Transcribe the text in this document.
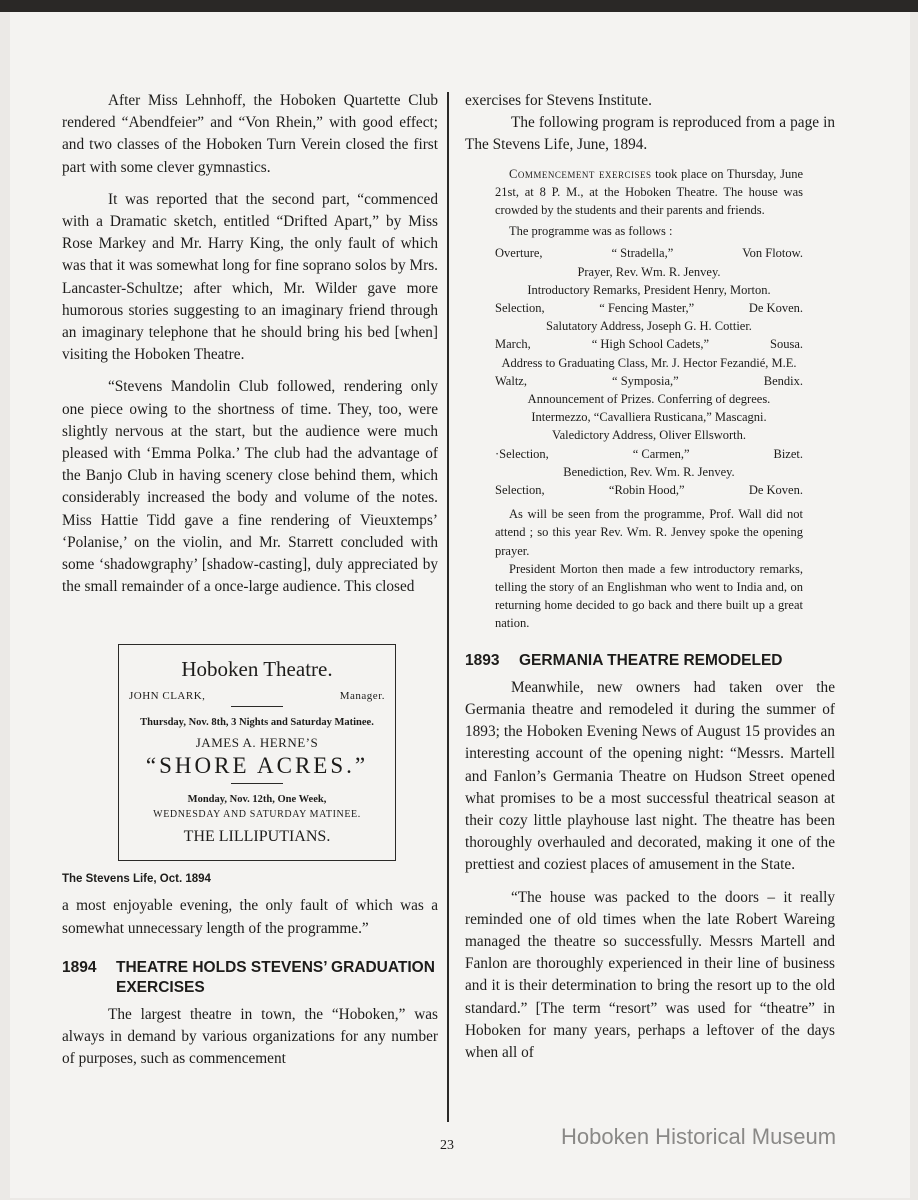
After Miss Lehnhoff, the Hoboken Quartette Club rendered “Abendfeier” and “Von Rhein,” with good effect; and two classes of the Hoboken Turn Verein closed the first part with some clever gymnastics.

It was reported that the second part, “commenced with a Dramatic sketch, entitled “Drifted Apart,” by Miss Rose Markey and Mr. Harry King, the only fault of which was that it was somewhat long for fine soprano solos by Mrs. Lancaster-Schultze; after which, Mr. Wilder gave more humorous stories suggesting to an imaginary friend through an imaginary telephone that he should bring his bed [when] visiting the Hoboken Theatre.

“Stevens Mandolin Club followed, rendering only one piece owing to the shortness of time. They, too, were slightly nervous at the start, but the audience were much pleased with ‘Emma Polka.’ The club had the advantage of the Banjo Club in having scenery close behind them, which considerably increased the body and volume of the notes. Miss Hattie Tidd gave a fine rendering of Vieuxtemps’ ‘Polanise,’ on the violin, and Mr. Starrett concluded with some ‘shadowgraphy’ [shadow-casting], duly appreciated by the small remainder of a once-large audience. This closed

Hoboken Theatre.
JOHN CLARK,	Manager.
Thursday, Nov. 8th, 3 Nights and Saturday Matinee.
JAMES A. HERNE’S
“SHORE ACRES.”
Monday, Nov. 12th, One Week,
WEDNESDAY AND SATURDAY MATINEE.
THE LILLIPUTIANS.
The Stevens Life, Oct. 1894

a most enjoyable evening, the only fault of which was a somewhat unnecessary length of the programme.”

1894	THEATRE HOLDS STEVENS’ GRADUATION EXERCISES

The largest theatre in town, the “Hoboken,” was always in demand by various organizations for any number of purposes, such as commencement

exercises for Stevens Institute.

The following program is reproduced from a page in The Stevens Life, June, 1894.

Commencement exercises took place on Thursday, June 21st, at 8 P. M., at the Hoboken Theatre. The house was crowded by the students and their parents and friends.
The programme was as follows :
Overture,	“ Stradella,”	Von Flotow.
Prayer, Rev. Wm. R. Jenvey.
Introductory Remarks, President Henry, Morton.
Selection,	“ Fencing Master,”	De Koven.
Salutatory Address, Joseph G. H. Cottier.
March,	“ High School Cadets,”	Sousa.
Address to Graduating Class, Mr. J. Hector Fezandié, M.E.
Waltz,	“ Symposia,”	Bendix.
Announcement of Prizes. Conferring of degrees.
Intermezzo, “Cavalliera Rusticana,” Mascagni.
Valedictory Address, Oliver Ellsworth.
·Selection,	“ Carmen,”	Bizet.
Benediction, Rev. Wm. R. Jenvey.
Selection,	“Robin Hood,”	De Koven.
As will be seen from the programme, Prof. Wall did not attend ; so this year Rev. Wm. R. Jenvey spoke the opening prayer.
President Morton then made a few introductory remarks, telling the story of an Englishman who went to India and, on returning home decided to go back and there built up a great nation.
1893	GERMANIA THEATRE REMODELED

Meanwhile, new owners had taken over the Germania theatre and remodeled it during the summer of 1893; the Hoboken Evening News of August 15 provides an interesting account of the opening night: “Messrs. Martell and Fanlon’s Germania Theatre on Hudson Street opened what promises to be a most successful theatrical season at their cozy little playhouse last night. The theatre has been thoroughly overhauled and decorated, making it one of the prettiest and coziest places of amusement in the State.

“The house was packed to the doors – it really reminded one of old times when the late Robert Wareing managed the theatre so successfully. Messrs Martell and Fanlon are thoroughly experienced in their line of business and it is their determination to bring the resort up to the old standard.” [The term “resort” was used for “theatre” in Hoboken for many years, perhaps a leftover of the days when all of

23	Hoboken Historical Museum
